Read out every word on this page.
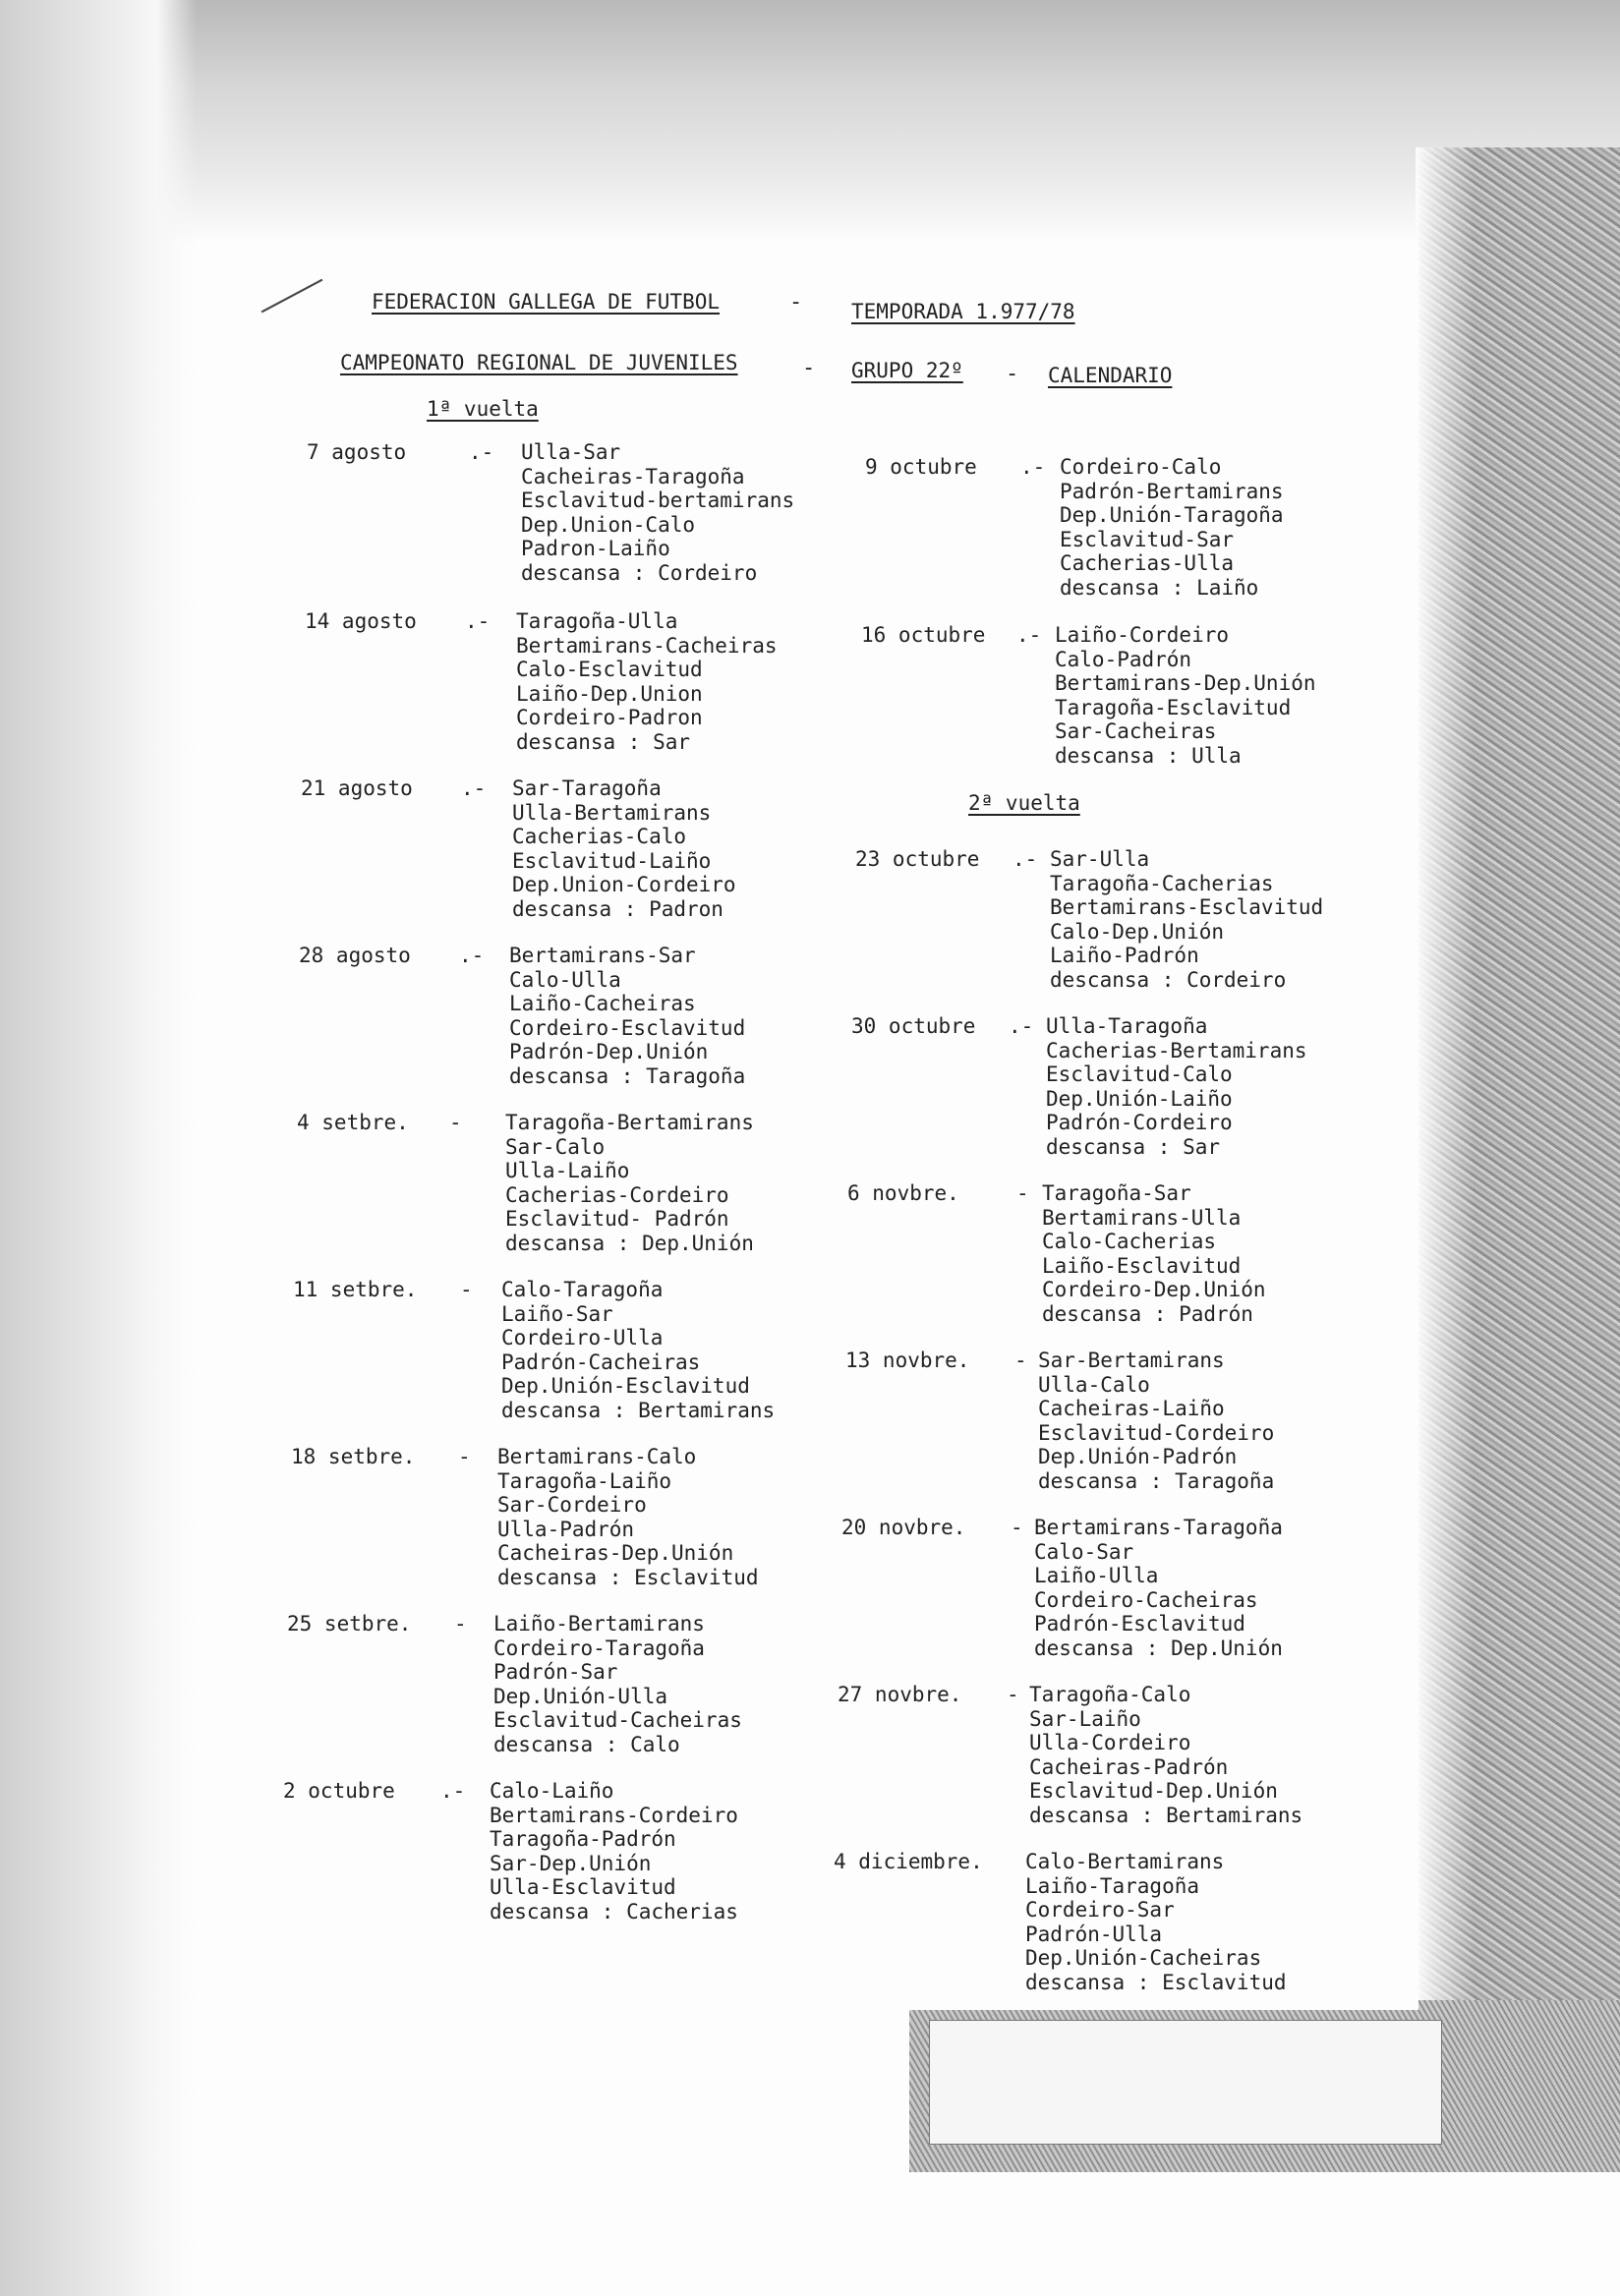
FEDERACION GALLEGA DE FUTBOL	- TEMPORADA 1.977/78
CAMPEONATO REGIONAL DE JUVENILES	- GRUPO 22º - CALENDARIO
1ª vuelta
2ª vuelta
7 agosto	.- Ulla-Sar
Cacheiras-Taragoña
Esclavitud-bertamirans
Dep.Union-Calo
Padron-Laiño
descansa : Cordeiro
14 agosto .- Taragoña-Ulla
Bertamirans-Cacheiras
Calo-Esclavitud
Laiño-Dep.Union
Cordeiro-Padron
descansa : Sar
21 agosto .- Sar-Taragoña
Ulla-Bertamirans
Cacherias-Calo
Esclavitud-Laiño
Dep.Union-Cordeiro
descansa : Padron
28 agosto .- Bertamirans-Sar
Calo-Ulla
Laiño-Cacheiras
Cordeiro-Esclavitud
Padrón-Dep.Unión
descansa : Taragoña
4 setbre. - Taragoña-Bertamirans
Sar-Calo
Ulla-Laiño
Cacherias-Cordeiro
Esclavitud- Padrón
descansa : Dep.Unión
11 setbre. - Calo-Taragoña
Laiño-Sar
Cordeiro-Ulla
Padrón-Cacheiras
Dep.Unión-Esclavitud
descansa : Bertamirans
18 setbre. - Bertamirans-Calo
Taragoña-Laiño
Sar-Cordeiro
Ulla-Padrón
Cacheiras-Dep.Unión
descansa : Esclavitud
25 setbre. - Laiño-Bertamirans
Cordeiro-Taragoña
Padrón-Sar
Dep.Unión-Ulla
Esclavitud-Cacheiras
descansa : Calo
2 octubre .- Calo-Laiño
Bertamirans-Cordeiro
Taragoña-Padrón
Sar-Dep.Unión
Ulla-Esclavitud
descansa : Cacherias
9 octubre .- Cordeiro-Calo
Padrón-Bertamirans
Dep.Unión-Taragoña
Esclavitud-Sar
Cacherias-Ulla
descansa : Laiño
16 octubre .- Laiño-Cordeiro
Calo-Padrón
Bertamirans-Dep.Unión
Taragoña-Esclavitud
Sar-Cacheiras
descansa : Ulla
23 octubre .- Sar-Ulla
Taragoña-Cacherias
Bertamirans-Esclavitud
Calo-Dep.Unión
Laiño-Padrón
descansa : Cordeiro
30 octubre .- Ulla-Taragoña
Cacherias-Bertamirans
Esclavitud-Calo
Dep.Unión-Laiño
Padrón-Cordeiro
descansa : Sar
6 novbre.	- Taragoña-Sar
Bertamirans-Ulla
Calo-Cacherias
Laiño-Esclavitud
Cordeiro-Dep.Unión
descansa : Padrón
13 novbre. - Sar-Bertamirans
Ulla-Calo
Cacheiras-Laiño
Esclavitud-Cordeiro
Dep.Unión-Padrón
descansa : Taragoña
20 novbre. - Bertamirans-Taragoña
Calo-Sar
Laiño-Ulla
Cordeiro-Cacheiras
Padrón-Esclavitud
descansa : Dep.Unión
27 novbre. - Taragoña-Calo
Sar-Laiño
Ulla-Cordeiro
Cacheiras-Padrón
Esclavitud-Dep.Unión
descansa : Bertamirans
4 diciembre. Calo-Bertamirans
Laiño-Taragoña
Cordeiro-Sar
Padrón-Ulla
Dep.Unión-Cacheiras
descansa : Esclavitud
